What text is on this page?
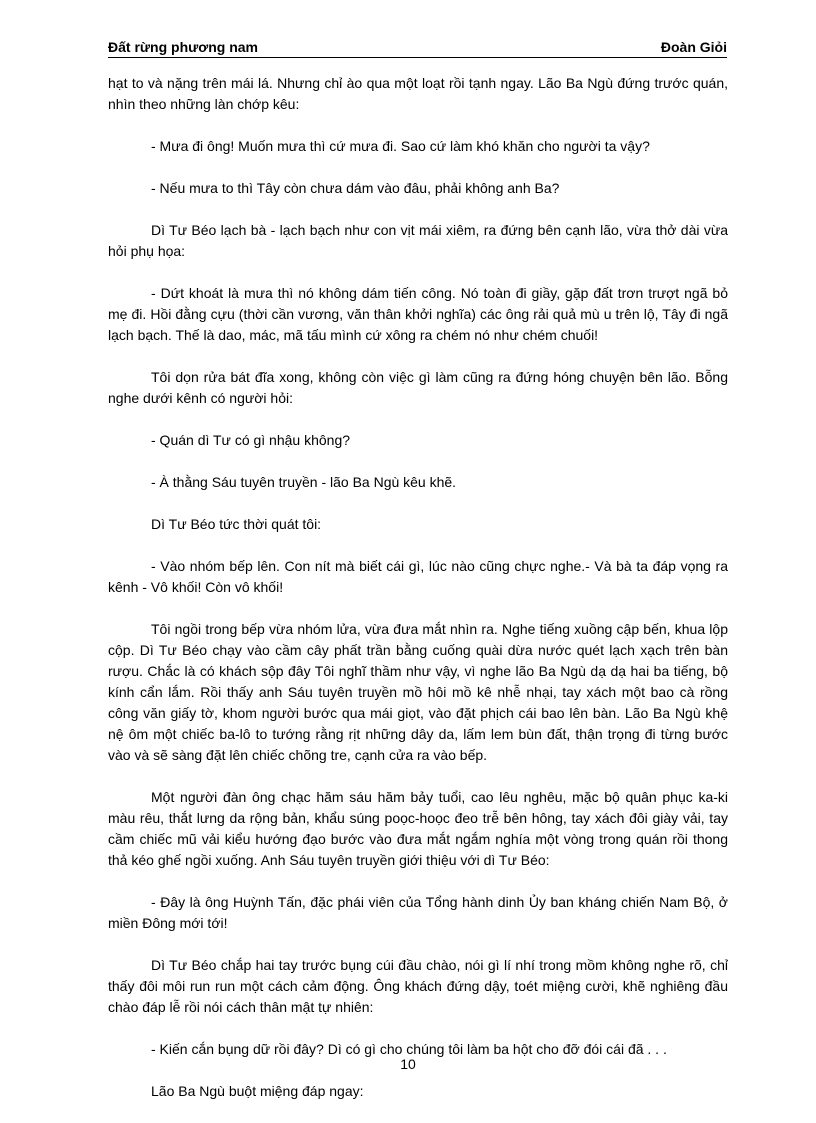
Đất rừng phương nam	Đoàn Giỏi

hạt to và nặng trên mái lá. Nhưng chỉ ào qua một loạt rồi tạnh ngay. Lão Ba Ngù đứng trước quán, nhìn theo những làn chớp kêu:

- Mưa đi ông! Muốn mưa thì cứ mưa đi. Sao cứ làm khó khăn cho người ta vậy?

- Nếu mưa to thì Tây còn chưa dám vào đâu, phải không anh Ba?

Dì Tư Béo lạch bà - lạch bạch như con vịt mái xiêm, ra đứng bên cạnh lão, vừa thở dài vừa hỏi phụ họa:

- Dứt khoát là mưa thì nó không dám tiến công. Nó toàn đi giầy, gặp đất trơn trượt ngã bỏ mẹ đi. Hồi đằng cựu (thời cần vương, văn thân khởi nghĩa) các ông rải quả mù u trên lộ, Tây đi ngã lạch bạch. Thế là dao, mác, mã tấu mình cứ xông ra chém nó như chém chuối!

Tôi dọn rửa bát đĩa xong, không còn việc gì làm cũng ra đứng hóng chuyện bên lão. Bỗng nghe dưới kênh có người hỏi:

- Quán dì Tư có gì nhậu không?

- À thằng Sáu tuyên truyền - lão Ba Ngù kêu khẽ.

Dì Tư Béo tức thời quát tôi:

- Vào nhóm bếp lên. Con nít mà biết cái gì, lúc nào cũng chực nghe.- Và bà ta đáp vọng ra kênh - Vô khối! Còn vô khối!

Tôi ngồi trong bếp vừa nhóm lửa, vừa đưa mắt nhìn ra. Nghe tiếng xuồng cập bến, khua lộp cộp. Dì Tư Béo chạy vào cầm cây phất trần bằng cuống quài dừa nước quét lạch xạch trên bàn rượu. Chắc là có khách sộp đây Tôi nghĩ thầm như vậy, vì nghe lão Ba Ngù dạ dạ hai ba tiếng, bộ kính cẩn lắm. Rồi thấy anh Sáu tuyên truyền mồ hôi mồ kê nhễ nhại, tay xách một bao cà rồng công văn giấy tờ, khom người bước qua mái giọt, vào đặt phịch cái bao lên bàn. Lão Ba Ngù khệ nệ ôm một chiếc ba-lô to tướng rằng rịt những dây da, lấm lem bùn đất, thận trọng đi từng bước vào và sẽ sàng đặt lên chiếc chõng tre, cạnh cửa ra vào bếp.

Một người đàn ông chạc hăm sáu hăm bảy tuổi, cao lêu nghêu, mặc bộ quân phục ka-ki màu rêu, thắt lưng da rộng bản, khẩu súng poọc-hoọc đeo trễ bên hông, tay xách đôi giày vải, tay cầm chiếc mũ vải kiểu hướng đạo bước vào đưa mắt ngắm nghía một vòng trong quán rồi thong thả kéo ghế ngồi xuống. Anh Sáu tuyên truyền giới thiệu với dì Tư Béo:

- Đây là ông Huỳnh Tấn, đặc phái viên của Tổng hành dinh Ủy ban kháng chiến Nam Bộ, ở miền Đông mới tới!

Dì Tư Béo chắp hai tay trước bụng cúi đầu chào, nói gì lí nhí trong mồm không nghe rõ, chỉ thấy đôi môi run run một cách cảm động. Ông khách đứng dậy, toét miệng cười, khẽ nghiêng đầu chào đáp lễ rồi nói cách thân mật tự nhiên:

- Kiến cắn bụng dữ rồi đây? Dì có gì cho chúng tôi làm ba hột cho đỡ đói cái đã . . .

Lão Ba Ngù buột miệng đáp ngay:

10
